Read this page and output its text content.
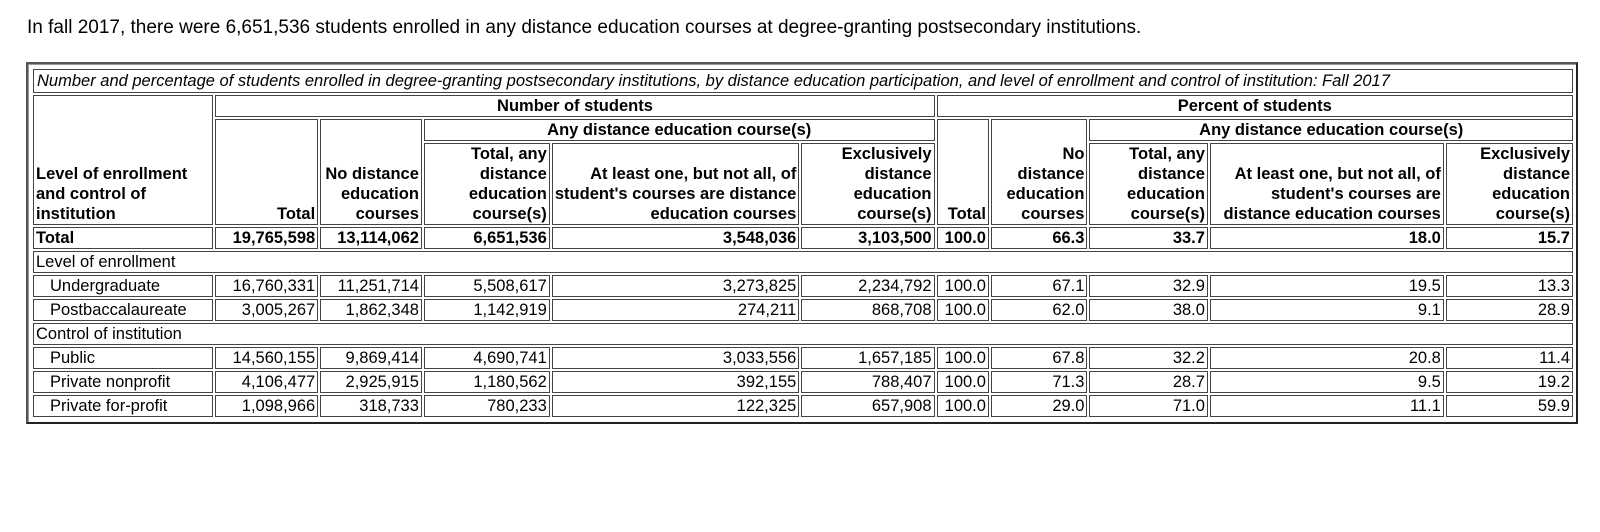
In fall 2017, there were 6,651,536 students enrolled in any distance education courses at degree-granting postsecondary institutions.
Number and percentage of students enrolled in degree-granting postsecondary institutions, by distance education participation, and level of enrollment and control of institution: Fall 2017										
Level of enrollment and control of institution	Number of students					Percent of students				
	Total	No distance education courses	Any distance education course(s)			Total	No distance education courses	Any distance education course(s)		
			Total, any distance education course(s)	At least one, but not all, of student's courses are distance education courses	Exclusively distance education course(s)			Total, any distance education course(s)	At least one, but not all, of student's courses are distance education courses	Exclusively distance education course(s)
Total	19,765,598	13,114,062	6,651,536	3,548,036	3,103,500	100.0	66.3	33.7	18.0	15.7
Level of enrollment										
Undergraduate	16,760,331	11,251,714	5,508,617	3,273,825	2,234,792	100.0	67.1	32.9	19.5	13.3
Postbaccalaureate	3,005,267	1,862,348	1,142,919	274,211	868,708	100.0	62.0	38.0	9.1	28.9
Control of institution										
Public	14,560,155	9,869,414	4,690,741	3,033,556	1,657,185	100.0	67.8	32.2	20.8	11.4
Private nonprofit	4,106,477	2,925,915	1,180,562	392,155	788,407	100.0	71.3	28.7	9.5	19.2
Private for-profit	1,098,966	318,733	780,233	122,325	657,908	100.0	29.0	71.0	11.1	59.9
